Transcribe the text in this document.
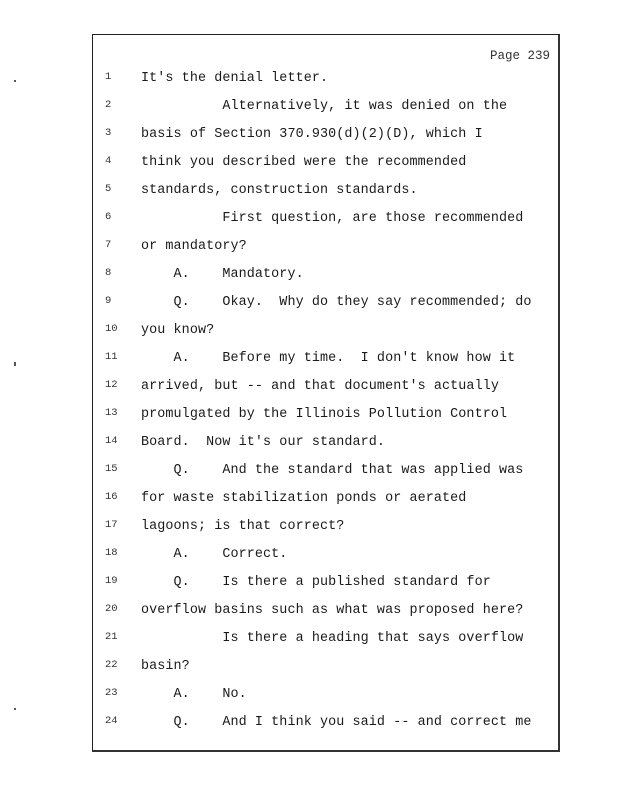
Page 239
1	It's the denial letter.
2	Alternatively, it was denied on the
3	basis of Section 370.930(d)(2)(D), which I
4	think you described were the recommended
5	standards, construction standards.
6	First question, are those recommended
7	or mandatory?
8	A.    Mandatory.
9	Q.    Okay.  Why do they say recommended; do
10	you know?
11	A.    Before my time.  I don't know how it
12	arrived, but -- and that document's actually
13	promulgated by the Illinois Pollution Control
14	Board.  Now it's our standard.
15	Q.    And the standard that was applied was
16	for waste stabilization ponds or aerated
17	lagoons; is that correct?
18	A.    Correct.
19	Q.    Is there a published standard for
20	overflow basins such as what was proposed here?
21	Is there a heading that says overflow
22	basin?
23	A.    No.
24	Q.    And I think you said -- and correct me
